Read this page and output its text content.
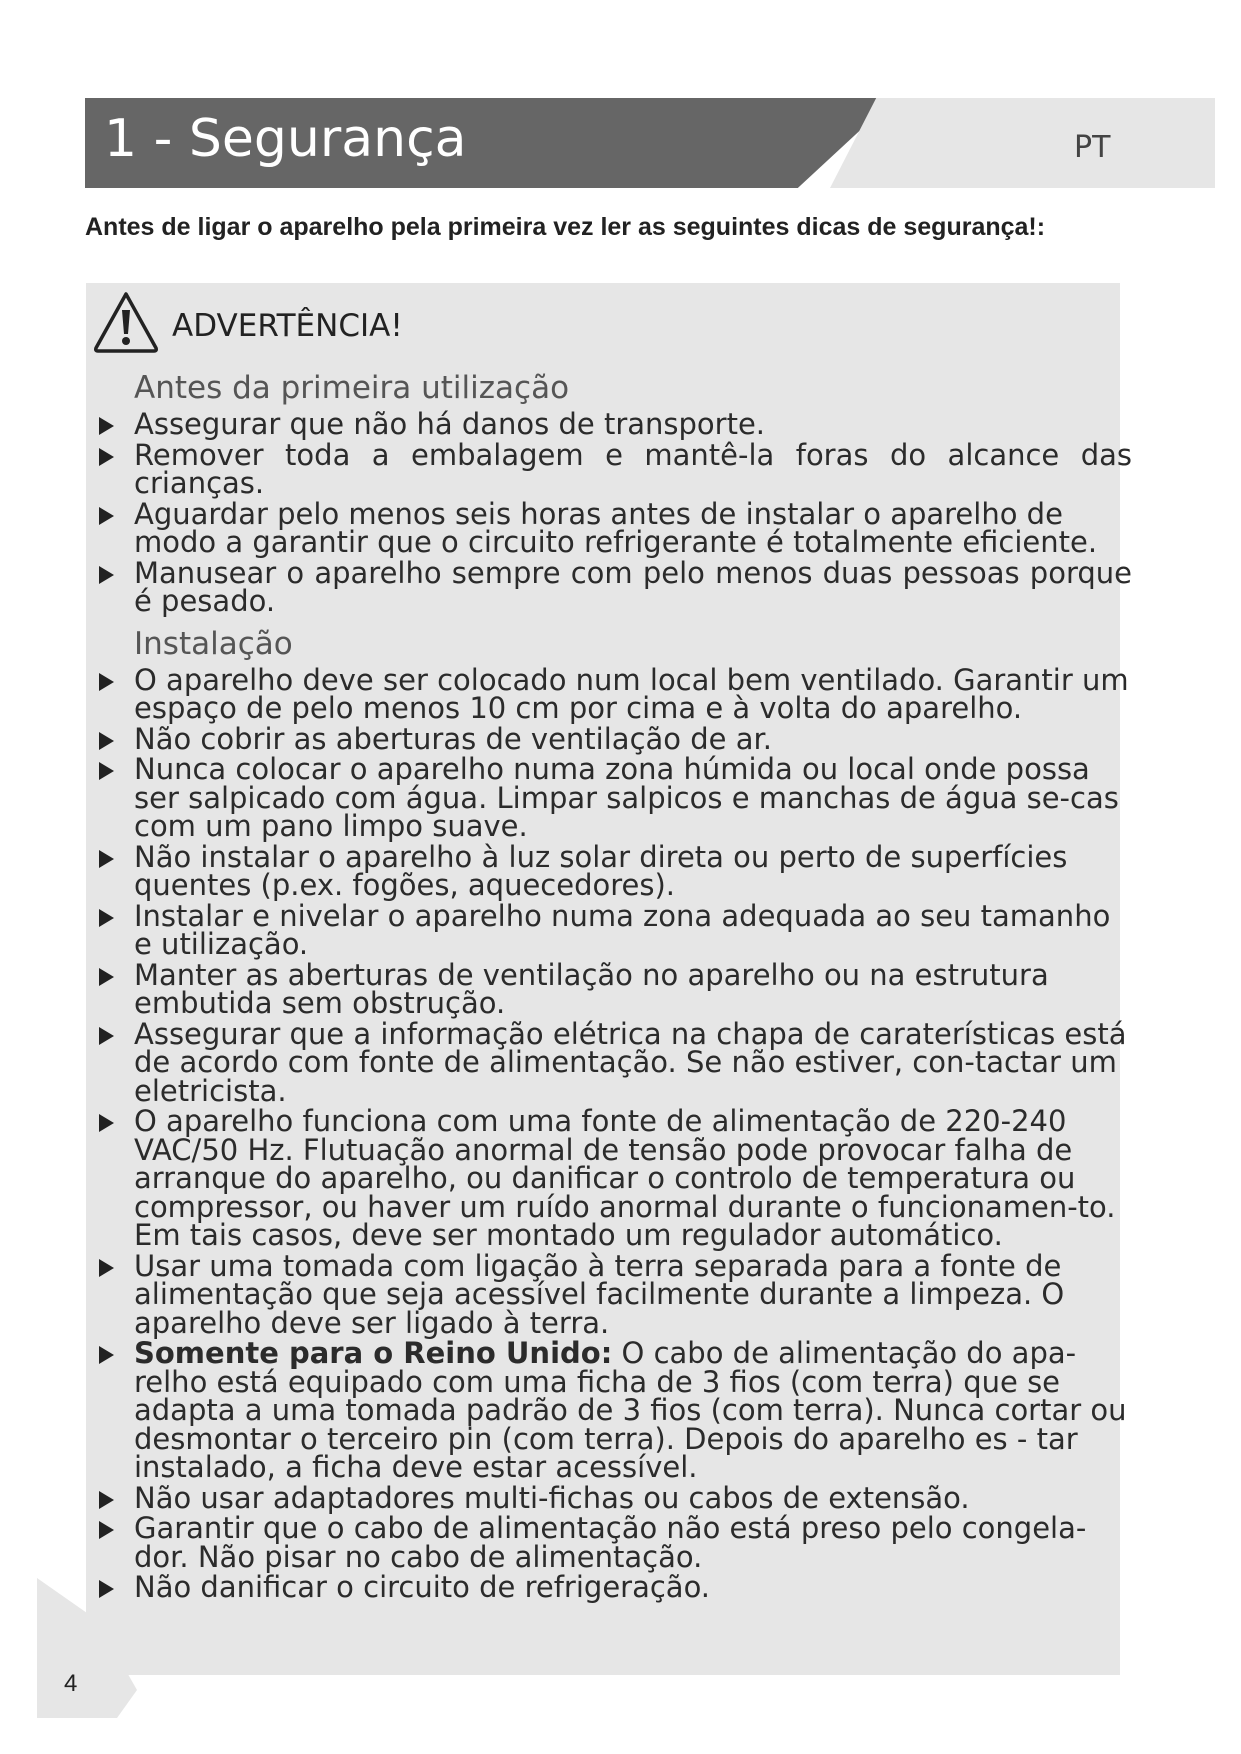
1 - Segurança	PT
Antes de ligar o aparelho pela primeira vez ler as seguintes dicas de segurança!:
ADVERTÊNCIA!
Antes da primeira utilização
Assegurar que não há danos de transporte.
Remover toda a embalagem e mantê-la foras do alcance das crianças.
Aguardar pelo menos seis horas antes de instalar o aparelho de modo a garantir que o circuito refrigerante é totalmente eficiente.
Manusear o aparelho sempre com pelo menos duas pessoas porque é pesado.
Instalação
O aparelho deve ser colocado num local bem ventilado. Garantir um espaço de pelo menos 10 cm por cima e à volta do aparelho.
Não cobrir as aberturas de ventilação de ar.
Nunca colocar o aparelho numa zona húmida ou local onde possa ser salpicado com água. Limpar salpicos e manchas de água se-cas com um pano limpo suave.
Não instalar o aparelho à luz solar direta ou perto de superfícies quentes (p.ex. fogões, aquecedores).
Instalar e nivelar o aparelho numa zona adequada ao seu tamanho e utilização.
Manter as aberturas de ventilação no aparelho ou na estrutura embutida sem obstrução.
Assegurar que a informação elétrica na chapa de caraterísticas está de acordo com fonte de alimentação. Se não estiver, con-tactar um eletricista.
O aparelho funciona com uma fonte de alimentação de 220-240 VAC/50 Hz. Flutuação anormal de tensão pode provocar falha de arranque do aparelho, ou danificar o controlo de temperatura ou compressor, ou haver um ruído anormal durante o funcionamen-to. Em tais casos, deve ser montado um regulador automático.
Usar uma tomada com ligação à terra separada para a fonte de alimentação que seja acessível facilmente durante a limpeza. O aparelho deve ser ligado à terra.
Somente para o Reino Unido: O cabo de alimentação do apa-relho está equipado com uma ficha de 3 fios (com terra) que se adapta a uma tomada padrão de 3 fios (com terra). Nunca cortar ou desmontar o terceiro pin (com terra). Depois do aparelho es - tar instalado, a ficha deve estar acessível.
Não usar adaptadores multi-fichas ou cabos de extensão.
Garantir que o cabo de alimentação não está preso pelo congela-dor. Não pisar no cabo de alimentação.
Não danificar o circuito de refrigeração.
4
